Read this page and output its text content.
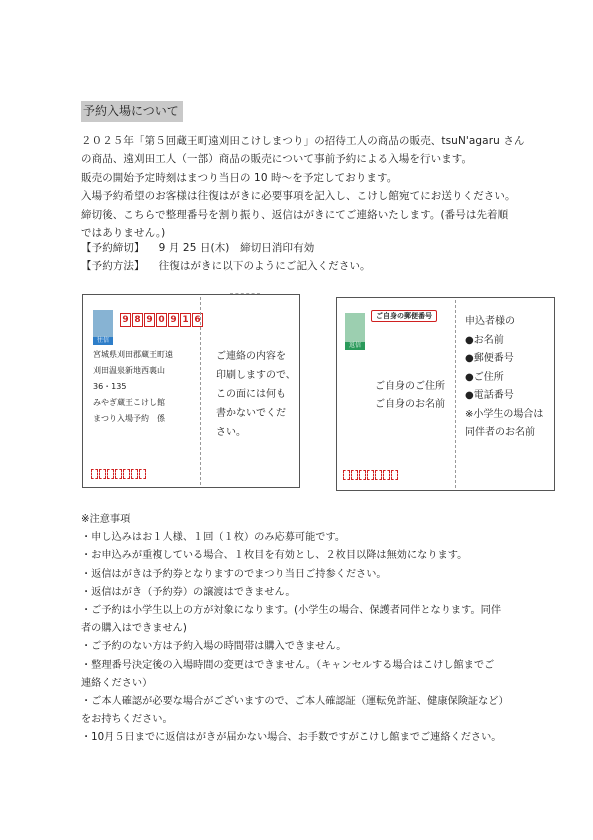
予約入場について
２０２５年「第５回蔵王町遠刈田こけしまつり」の招待工人の商品の販売、tsuN'agaru さん
の商品、遠刈田工人（一部）商品の販売について事前予約による入場を行います。
販売の開始予定時刻はまつり当日の 10 時～を予定しております。
入場予約希望のお客様は往復はがきに必要事項を記入し、こけし館宛てにお送りください。
締切後、こちらで整理番号を割り振り、返信はがきにてご連絡いたします。(番号は先着順
ではありません。)
【予約締切】　 9 月 25 日(木)　締切日消印有効
【予約方法】　 往復はがきに以下のようにご記入ください。
往信
9 8 9 0 9 1 6
宮城県刈田郡蔵王町遠
刈田温泉新地西裏山
36・135
みやぎ蔵王こけし館
まつり入場予約　係
ご連絡の内容を
印刷しますので、
この面には何も
書かないでくだ
さい。
返信
ご自身の郵便番号
ご自身のご住所
ご自身のお名前
申込者様の
●お名前
●郵便番号
●ご住所
●電話番号
※小学生の場合は
同伴者のお名前
※注意事項
・申し込みはお１人様、１回（１枚）のみ応募可能です。
・お申込みが重複している場合、１枚目を有効とし、２枚目以降は無効になります。
・返信はがきは予約券となりますのでまつり当日ご持参ください。
・返信はがき（予約券）の譲渡はできません。
・ご予約は小学生以上の方が対象になります。(小学生の場合、保護者同伴となります。同伴
者の購入はできません)
・ご予約のない方は予約入場の時間帯は購入できません。
・整理番号決定後の入場時間の変更はできません。（キャンセルする場合はこけし館までご
連絡ください）
・ご本人確認が必要な場合がございますので、ご本人確認証（運転免許証、健康保険証など）
をお持ちください。
・10月５日までに返信はがきが届かない場合、お手数ですがこけし館までご連絡ください。
